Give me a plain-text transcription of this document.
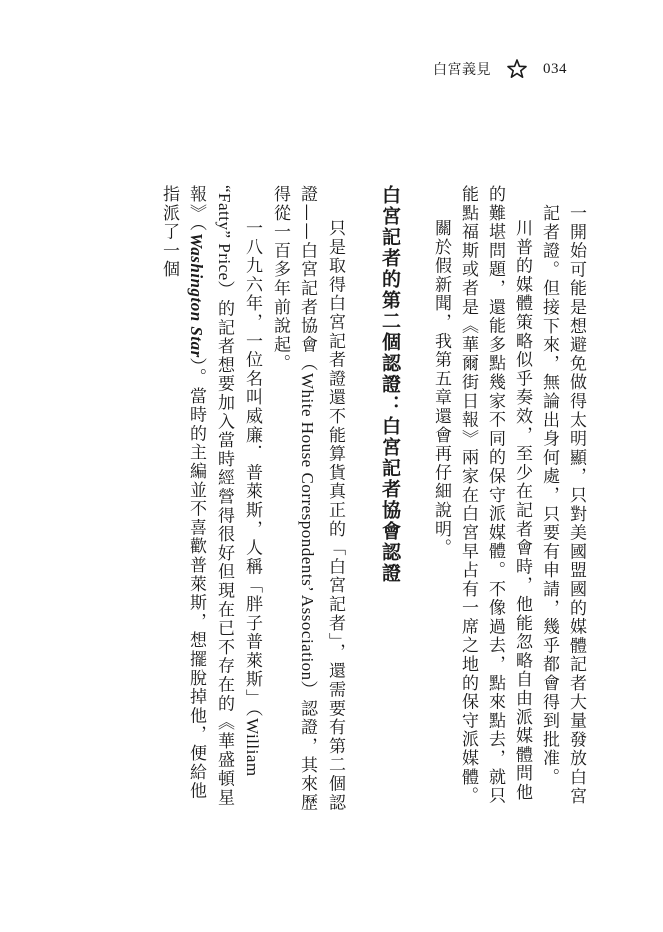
白宮義見	034

一開始可能是想避免做得太明顯，只對美國盟國的媒體記者大量發放白宮記者證。但接下來，無論出身何處，只要有申請，幾乎都會得到批准。

川普的媒體策略似乎奏效，至少在記者會時，他能忽略自由派媒體問他的難堪問題，還能多點幾家不同的保守派媒體。不像過去，點來點去，就只能點福斯或者是《華爾街日報》兩家在白宮早占有一席之地的保守派媒體。

關於假新聞，我第五章還會再仔細說明。

白宮記者的第二個認證：白宮記者協會認證

只是取得白宮記者證還不能算貨真正的「白宮記者」，還需要有第二個認證——白宮記者協會（White House Correspondents’ Association）認證，其來歷得從一百多年前說起。

一八九六年，一位名叫威廉．普萊斯，人稱「胖子普萊斯」（William “Fatty” Price）的記者想要加入當時經營得很好但現在已不存在的《華盛頓星報》（Washington Star）。當時的主編並不喜歡普萊斯，想擺脫掉他，便給他指派了一個
